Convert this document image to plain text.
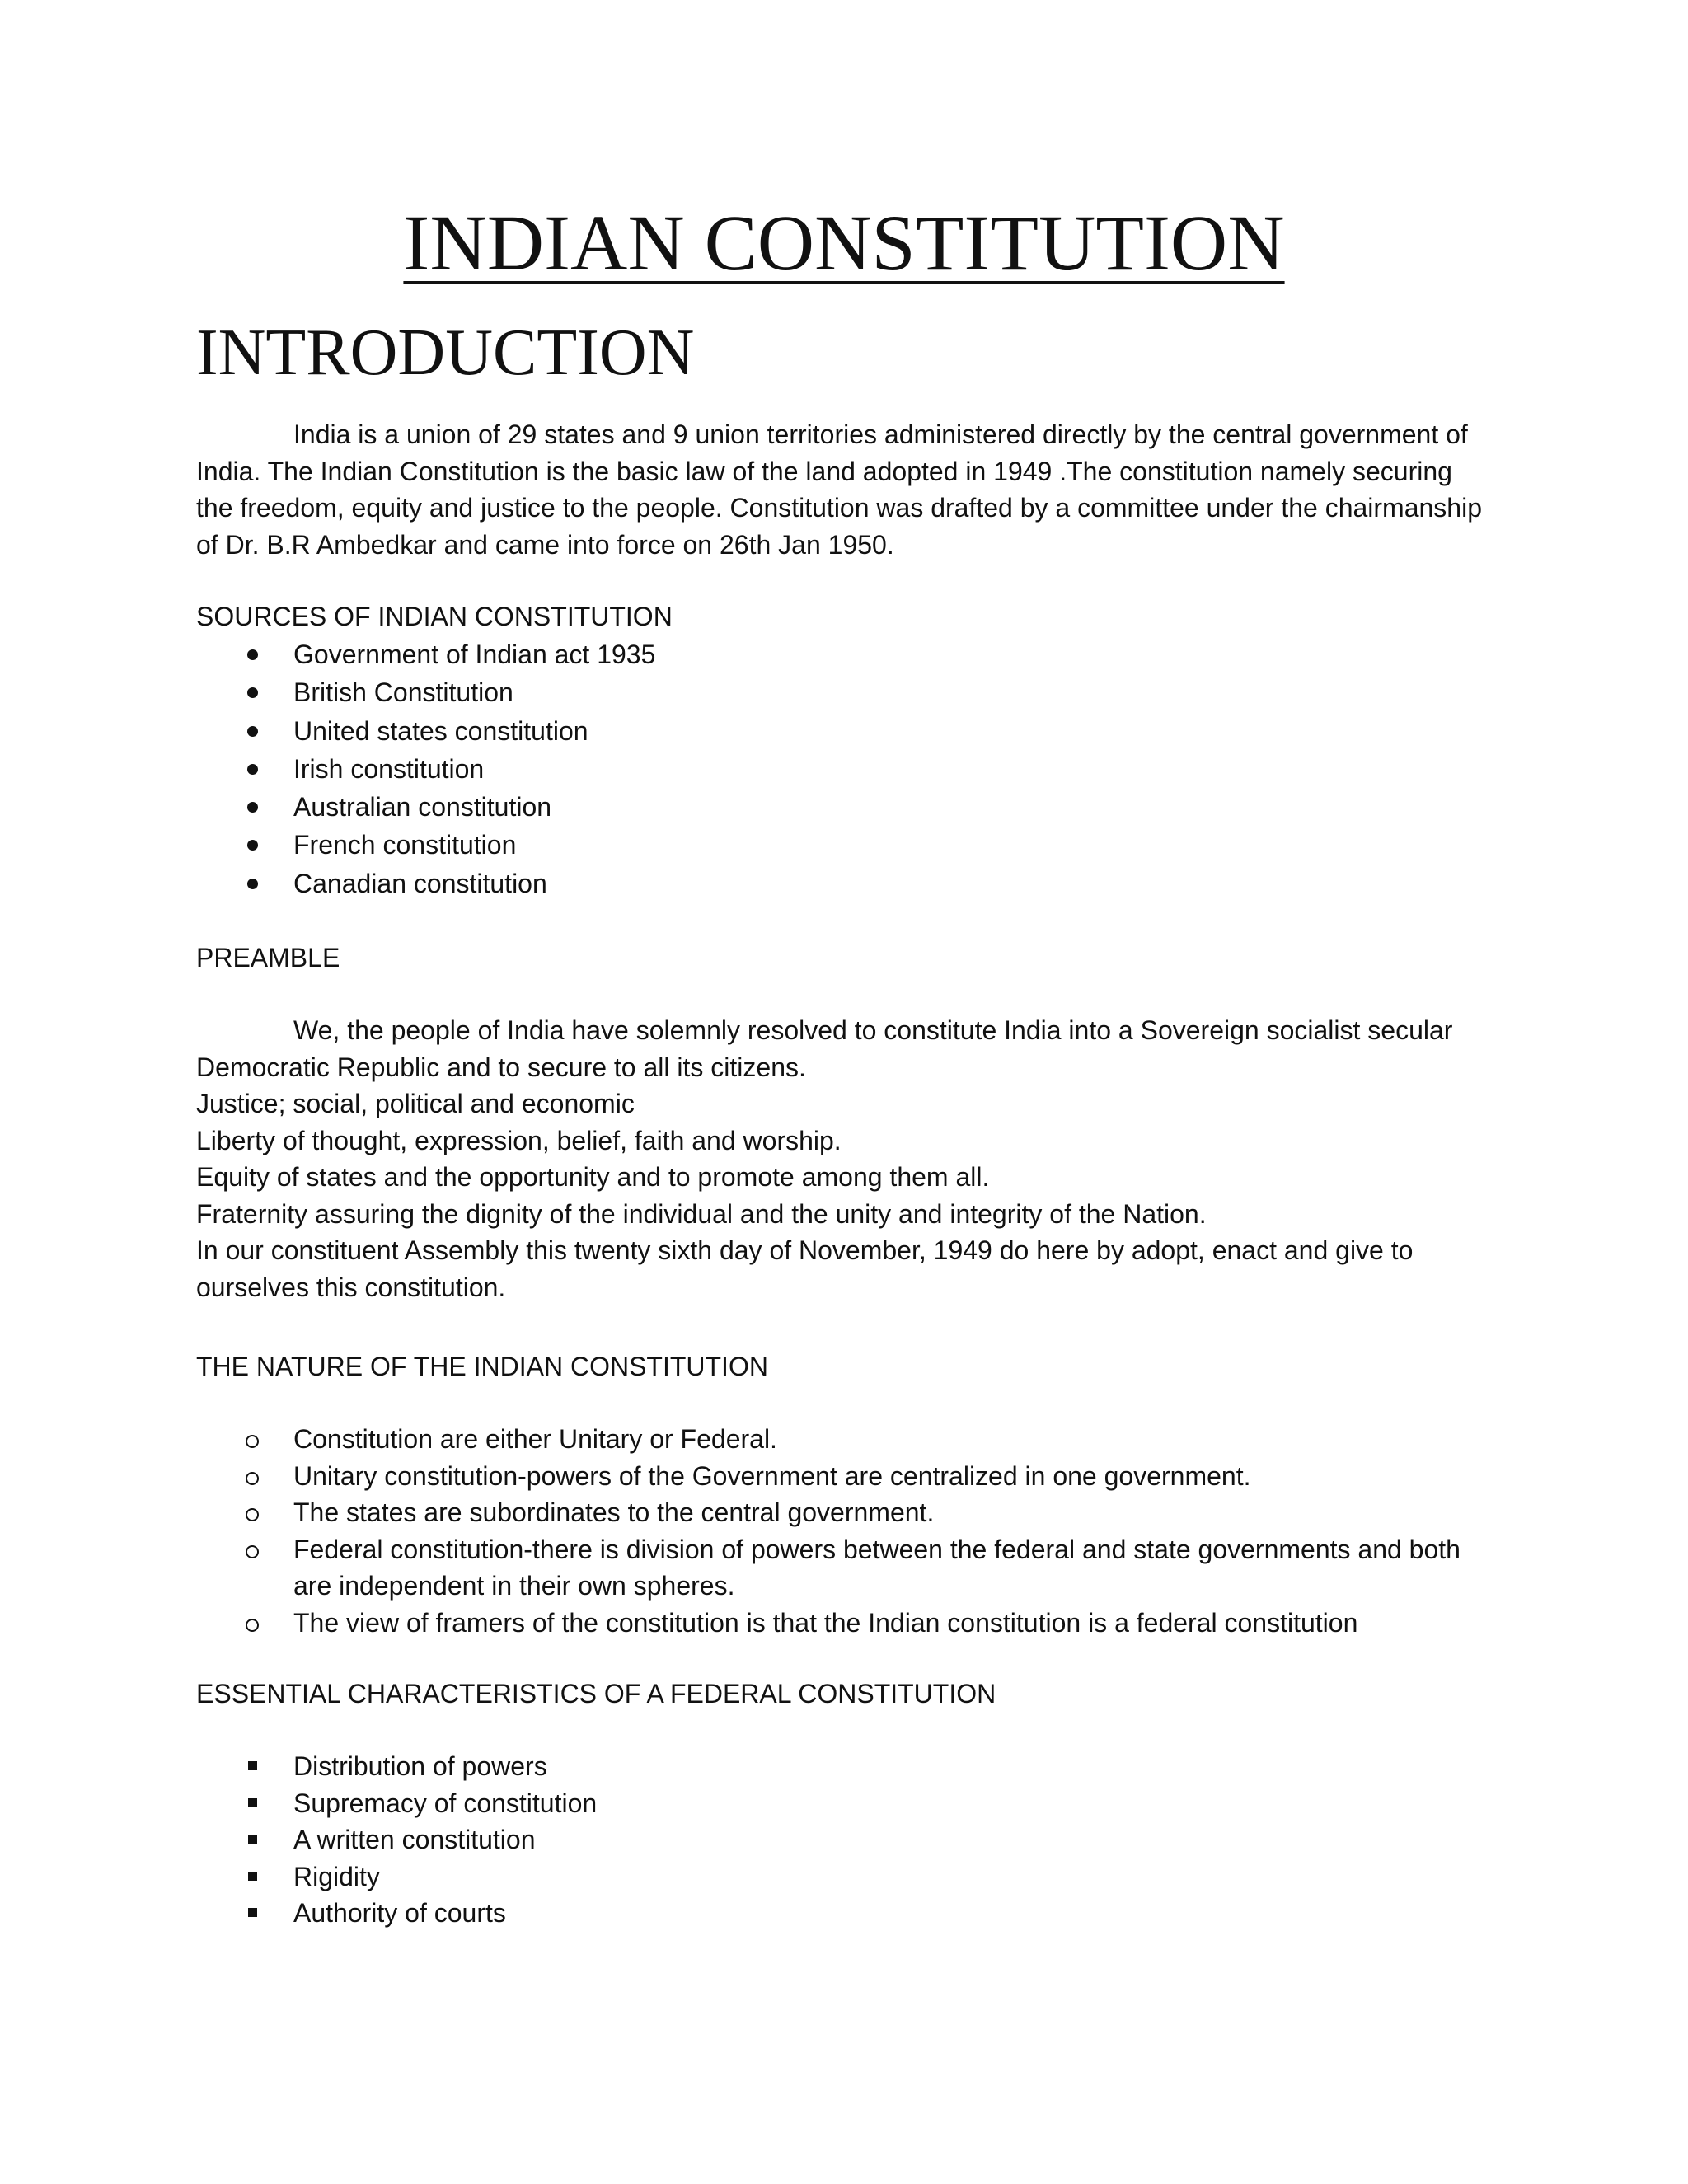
INDIAN CONSTITUTION
INTRODUCTION

India is a union of 29 states and 9 union territories administered directly by the central government of India. The Indian Constitution is the basic law of the land adopted in 1949 .The constitution namely securing the freedom, equity and justice to the people. Constitution was drafted by a committee under the chairmanship of Dr. B.R Ambedkar and came into force on 26th Jan 1950.

SOURCES OF INDIAN CONSTITUTION
Government of Indian act 1935
British Constitution
United states constitution
Irish constitution
Australian constitution
French constitution
Canadian constitution
PREAMBLE

We, the people of India have solemnly resolved to constitute India into a Sovereign socialist secular Democratic Republic and to secure to all its citizens.

Justice; social, political and economic
Liberty of thought, expression, belief, faith and worship.
Equity of states and the opportunity and to promote among them all.
Fraternity assuring the dignity of the individual and the unity and integrity of the Nation.
In our constituent Assembly this twenty sixth day of November, 1949 do here by adopt, enact and give to ourselves this constitution.
THE NATURE OF THE INDIAN CONSTITUTION
Constitution are either Unitary or Federal.
Unitary constitution-powers of the Government are centralized in one government.
The states are subordinates to the central government.
Federal constitution-there is division of powers between the federal and state governments and both are independent in their own spheres.
The view of framers of the constitution is that the Indian constitution is a federal constitution
ESSENTIAL CHARACTERISTICS OF A FEDERAL CONSTITUTION
Distribution of powers
Supremacy of constitution
A written constitution
Rigidity
Authority of courts
